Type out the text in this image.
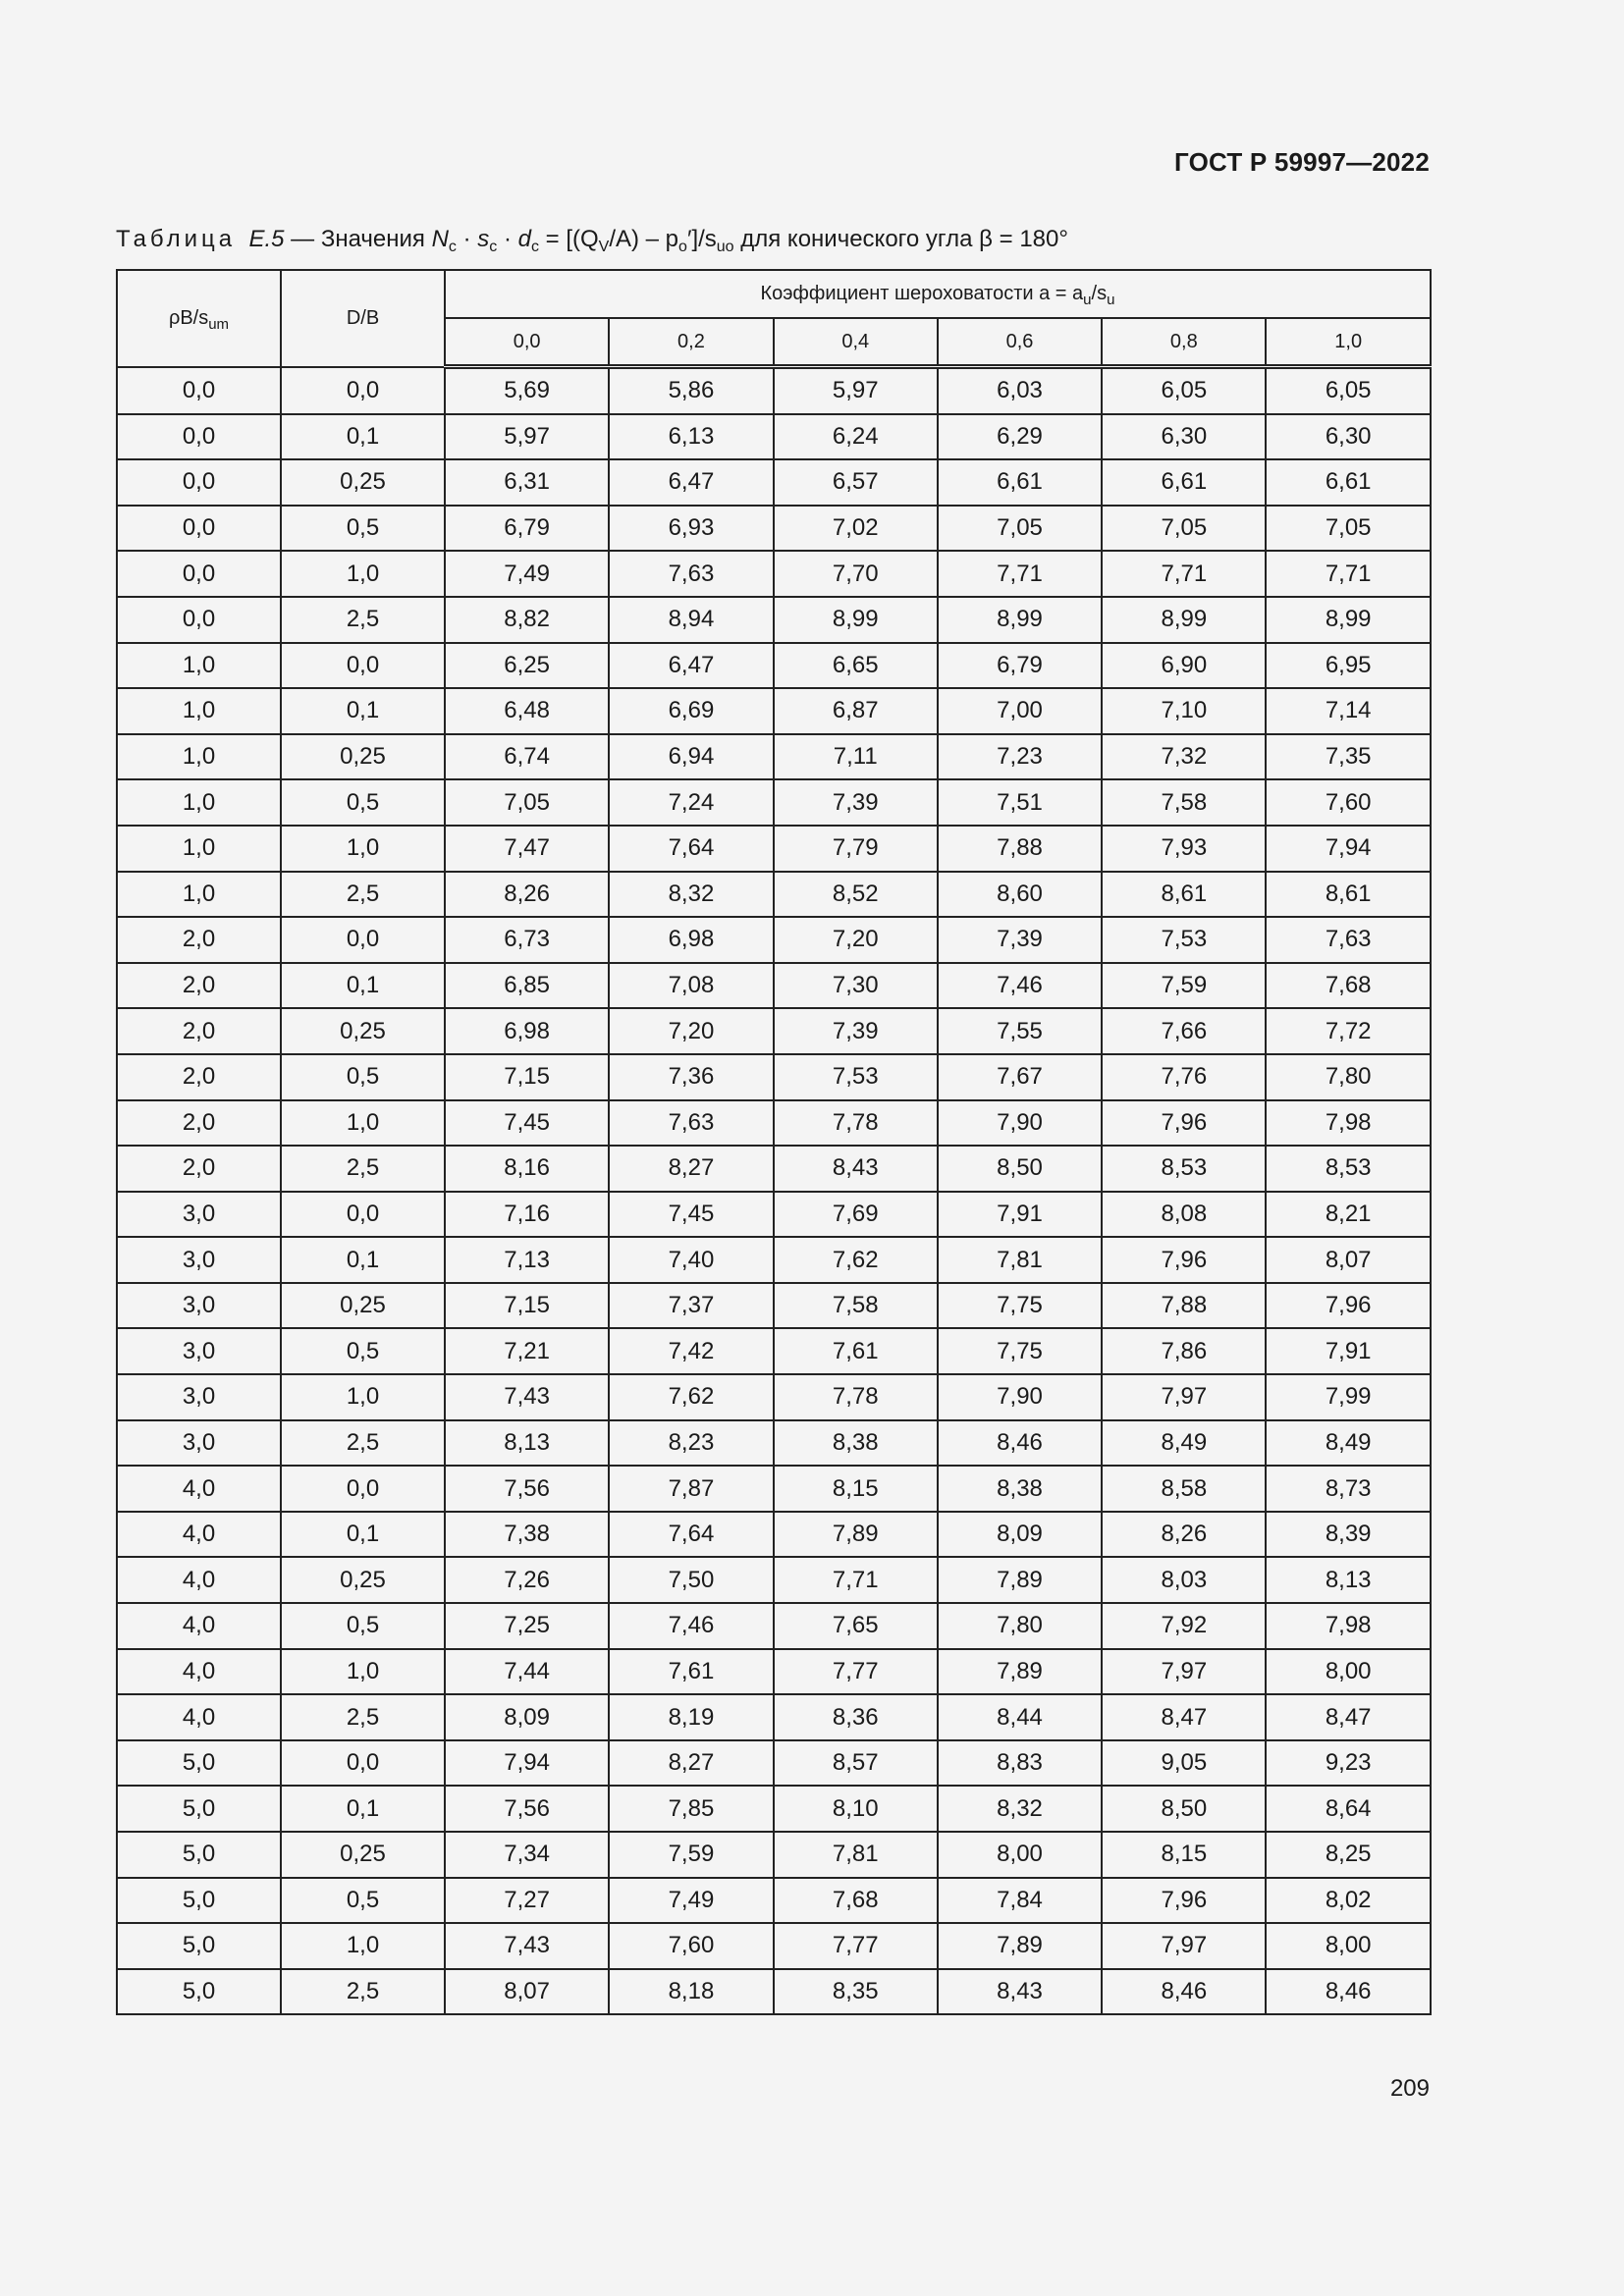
ГОСТ Р 59997—2022
Таблица E.5 — Значения $N_c \cdot s_c \cdot d_c = [(Q_V/A) - p_o']/s_{uo}$ для конического угла β = 180°
$\rho B/s_{um}$	D/B	Коэффициент шероховатости $a = a_u/s_u$
		0,0	0,2	0,4	0,6	0,8	1,0
0,0	0,0	5,69	5,86	5,97	6,03	6,05	6,05
0,0	0,1	5,97	6,13	6,24	6,29	6,30	6,30
0,0	0,25	6,31	6,47	6,57	6,61	6,61	6,61
0,0	0,5	6,79	6,93	7,02	7,05	7,05	7,05
0,0	1,0	7,49	7,63	7,70	7,71	7,71	7,71
0,0	2,5	8,82	8,94	8,99	8,99	8,99	8,99
1,0	0,0	6,25	6,47	6,65	6,79	6,90	6,95
1,0	0,1	6,48	6,69	6,87	7,00	7,10	7,14
1,0	0,25	6,74	6,94	7,11	7,23	7,32	7,35
1,0	0,5	7,05	7,24	7,39	7,51	7,58	7,60
1,0	1,0	7,47	7,64	7,79	7,88	7,93	7,94
1,0	2,5	8,26	8,32	8,52	8,60	8,61	8,61
2,0	0,0	6,73	6,98	7,20	7,39	7,53	7,63
2,0	0,1	6,85	7,08	7,30	7,46	7,59	7,68
2,0	0,25	6,98	7,20	7,39	7,55	7,66	7,72
2,0	0,5	7,15	7,36	7,53	7,67	7,76	7,80
2,0	1,0	7,45	7,63	7,78	7,90	7,96	7,98
2,0	2,5	8,16	8,27	8,43	8,50	8,53	8,53
3,0	0,0	7,16	7,45	7,69	7,91	8,08	8,21
3,0	0,1	7,13	7,40	7,62	7,81	7,96	8,07
3,0	0,25	7,15	7,37	7,58	7,75	7,88	7,96
3,0	0,5	7,21	7,42	7,61	7,75	7,86	7,91
3,0	1,0	7,43	7,62	7,78	7,90	7,97	7,99
3,0	2,5	8,13	8,23	8,38	8,46	8,49	8,49
4,0	0,0	7,56	7,87	8,15	8,38	8,58	8,73
4,0	0,1	7,38	7,64	7,89	8,09	8,26	8,39
4,0	0,25	7,26	7,50	7,71	7,89	8,03	8,13
4,0	0,5	7,25	7,46	7,65	7,80	7,92	7,98
4,0	1,0	7,44	7,61	7,77	7,89	7,97	8,00
4,0	2,5	8,09	8,19	8,36	8,44	8,47	8,47
5,0	0,0	7,94	8,27	8,57	8,83	9,05	9,23
5,0	0,1	7,56	7,85	8,10	8,32	8,50	8,64
5,0	0,25	7,34	7,59	7,81	8,00	8,15	8,25
5,0	0,5	7,27	7,49	7,68	7,84	7,96	8,02
5,0	1,0	7,43	7,60	7,77	7,89	7,97	8,00
5,0	2,5	8,07	8,18	8,35	8,43	8,46	8,46
209
